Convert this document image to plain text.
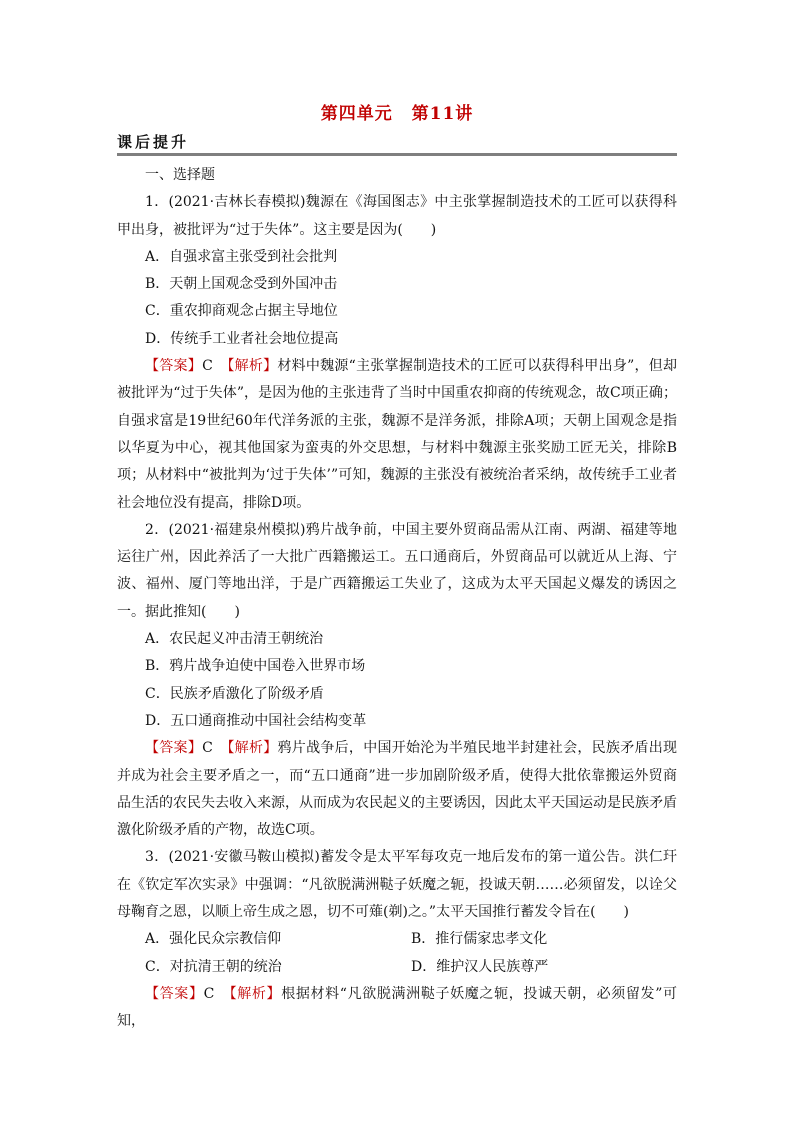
第四单元 第11讲
课后提升

一、选择题

1．(2021·吉林长春模拟)魏源在《海国图志》中主张掌握制造技术的工匠可以获得科甲出身，被批评为“过于失体”。这主要是因为(　　)

A．自强求富主张受到社会批判

B．天朝上国观念受到外国冲击

C．重农抑商观念占据主导地位

D．传统手工业者社会地位提高

【答案】C　 【解析】材料中魏源“主张掌握制造技术的工匠可以获得科甲出身”，但却被批评为“过于失体”，是因为他的主张违背了当时中国重农抑商的传统观念，故C项正确；自强求富是19世纪60年代洋务派的主张，魏源不是洋务派，排除A项；天朝上国观念是指以华夏为中心，视其他国家为蛮夷的外交思想，与材料中魏源主张奖励工匠无关，排除B项；从材料中“被批判为‘过于失体’”可知，魏源的主张没有被统治者采纳，故传统手工业者社会地位没有提高，排除D项。

2．(2021·福建泉州模拟)鸦片战争前，中国主要外贸商品需从江南、两湖、福建等地运往广州，因此养活了一大批广西籍搬运工。五口通商后，外贸商品可以就近从上海、宁波、福州、厦门等地出洋，于是广西籍搬运工失业了，这成为太平天国起义爆发的诱因之一。据此推知(　　)

A．农民起义冲击清王朝统治

B．鸦片战争迫使中国卷入世界市场

C．民族矛盾激化了阶级矛盾

D．五口通商推动中国社会结构变革

【答案】C　 【解析】鸦片战争后，中国开始沦为半殖民地半封建社会，民族矛盾出现并成为社会主要矛盾之一，而“五口通商”进一步加剧阶级矛盾，使得大批依靠搬运外贸商品生活的农民失去收入来源，从而成为农民起义的主要诱因，因此太平天国运动是民族矛盾激化阶级矛盾的产物，故选C项。

3．(2021·安徽马鞍山模拟)蓄发令是太平军每攻克一地后发布的第一道公告。洪仁玕在《钦定军次实录》中强调：“凡欲脱满洲鞑子妖魔之轭，投诚天朝……必须留发，以诠父母鞠育之恩，以顺上帝生成之恩，切不可薙(剃)之。”太平天国推行蓄发令旨在(　　)

A．强化民众宗教信仰	B．推行儒家忠孝文化
C．对抗清王朝的统治	D．维护汉人民族尊严

【答案】C　 【解析】根据材料“凡欲脱满洲鞑子妖魔之轭，投诚天朝，必须留发”可知，
